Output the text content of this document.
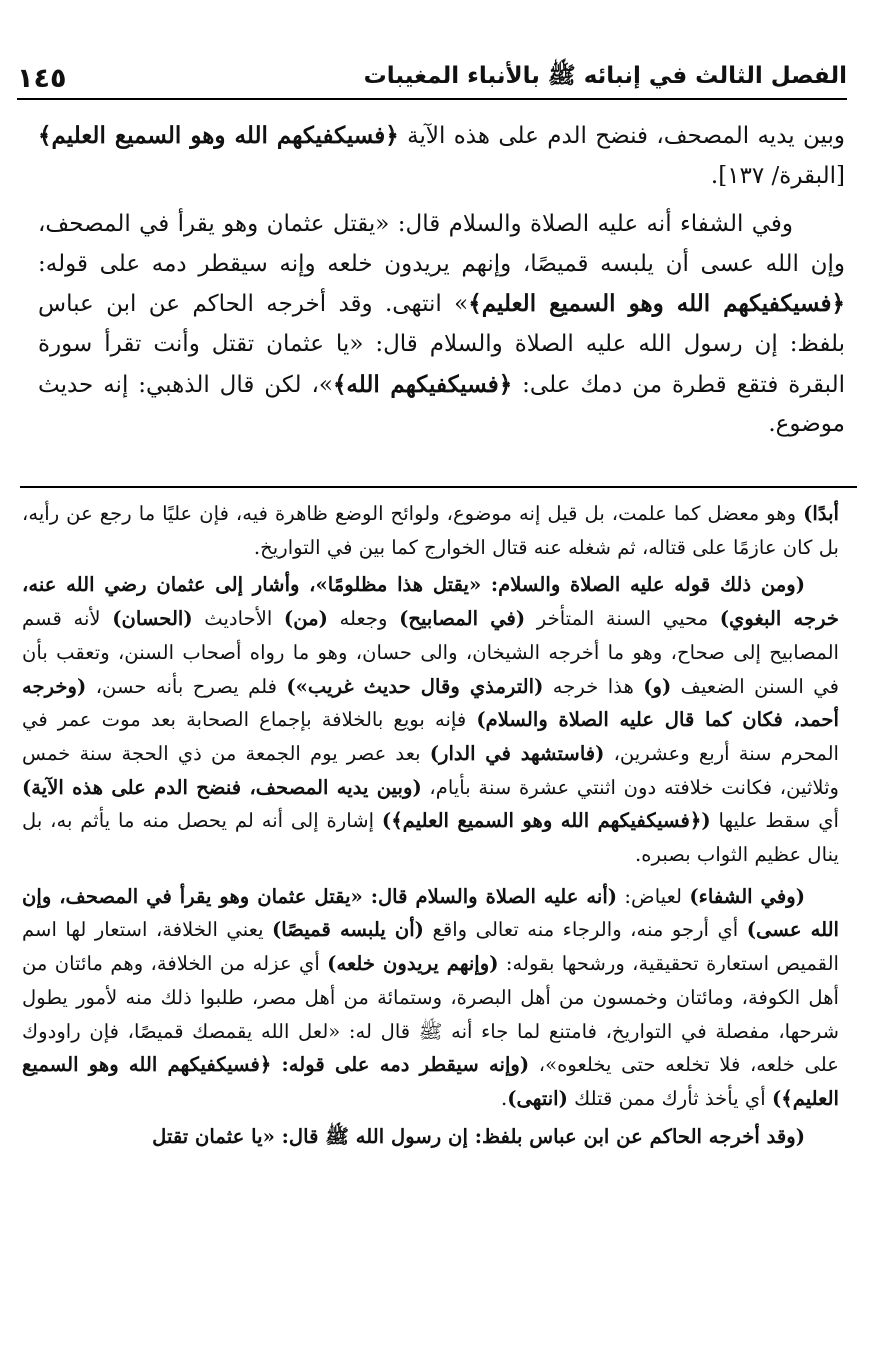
الفصل الثالث في إنبائه ﷺ بالأنباء المغيبات
١٤٥

وبين يديه المصحف، فنضح الدم على هذه الآية ﴿فسيكفيكهم الله وهو السميع العليم﴾ [البقرة/ ١٣٧].

وفي الشفاء أنه عليه الصلاة والسلام قال: «يقتل عثمان وهو يقرأ في المصحف، وإن الله عسى أن يلبسه قميصًا، وإنهم يريدون خلعه وإنه سيقطر دمه على قوله: ﴿فسيكفيكهم الله وهو السميع العليم﴾» انتهى. وقد أخرجه الحاكم عن ابن عباس بلفظ: إن رسول الله عليه الصلاة والسلام قال: «يا عثمان تقتل وأنت تقرأ سورة البقرة فتقع قطرة من دمك على: ﴿فسيكفيكهم الله﴾»، لكن قال الذهبي: إنه حديث موضوع.

أبدًا) وهو معضل كما علمت، بل قيل إنه موضوع، ولوائح الوضع ظاهرة فيه، فإن عليًا ما رجع عن رأيه، بل كان عازمًا على قتاله، ثم شغله عنه قتال الخوارج كما بين في التواريخ.

(ومن ذلك قوله عليه الصلاة والسلام: «يقتل هذا مظلومًا»، وأشار إلى عثمان رضي الله عنه، خرجه البغوي) محيي السنة المتأخر (في المصابيح) وجعله (من) الأحاديث (الحسان) لأنه قسم المصابيح إلى صحاح، وهو ما أخرجه الشيخان، والى حسان، وهو ما رواه أصحاب السنن، وتعقب بأن في السنن الضعيف (و) هذا خرجه (الترمذي وقال حديث غريب») فلم يصرح بأنه حسن، (وخرجه أحمد، فكان كما قال عليه الصلاة والسلام) فإنه بويع بالخلافة بإجماع الصحابة بعد موت عمر في المحرم سنة أربع وعشرين، (فاستشهد في الدار) بعد عصر يوم الجمعة من ذي الحجة سنة خمس وثلاثين، فكانت خلافته دون اثنتي عشرة سنة بأيام، (وبين يديه المصحف، فنضح الدم على هذه الآية) أي سقط عليها (﴿فسيكفيكهم الله وهو السميع العليم﴾) إشارة إلى أنه لم يحصل منه ما يأثم به، بل ينال عظيم الثواب بصبره.

(وفي الشفاء) لعياض: (أنه عليه الصلاة والسلام قال: «يقتل عثمان وهو يقرأ في المصحف، وإن الله عسى) أي أرجو منه، والرجاء منه تعالى واقع (أن يلبسه قميصًا) يعني الخلافة، استعار لها اسم القميص استعارة تحقيقية، ورشحها بقوله: (وإنهم يريدون خلعه) أي عزله من الخلافة، وهم مائتان من أهل الكوفة، ومائتان وخمسون من أهل البصرة، وستمائة من أهل مصر، طلبوا ذلك منه لأمور يطول شرحها، مفصلة في التواريخ، فامتنع لما جاء أنه ﷺ قال له: «لعل الله يقمصك قميصًا، فإن راودوك على خلعه، فلا تخلعه حتى يخلعوه»، (وإنه سيقطر دمه على قوله: ﴿فسيكفيكهم الله وهو السميع العليم﴾) أي يأخذ ثأرك ممن قتلك (انتهى).

(وقد أخرجه الحاكم عن ابن عباس بلفظ: إن رسول الله ﷺ قال: «يا عثمان تقتل
